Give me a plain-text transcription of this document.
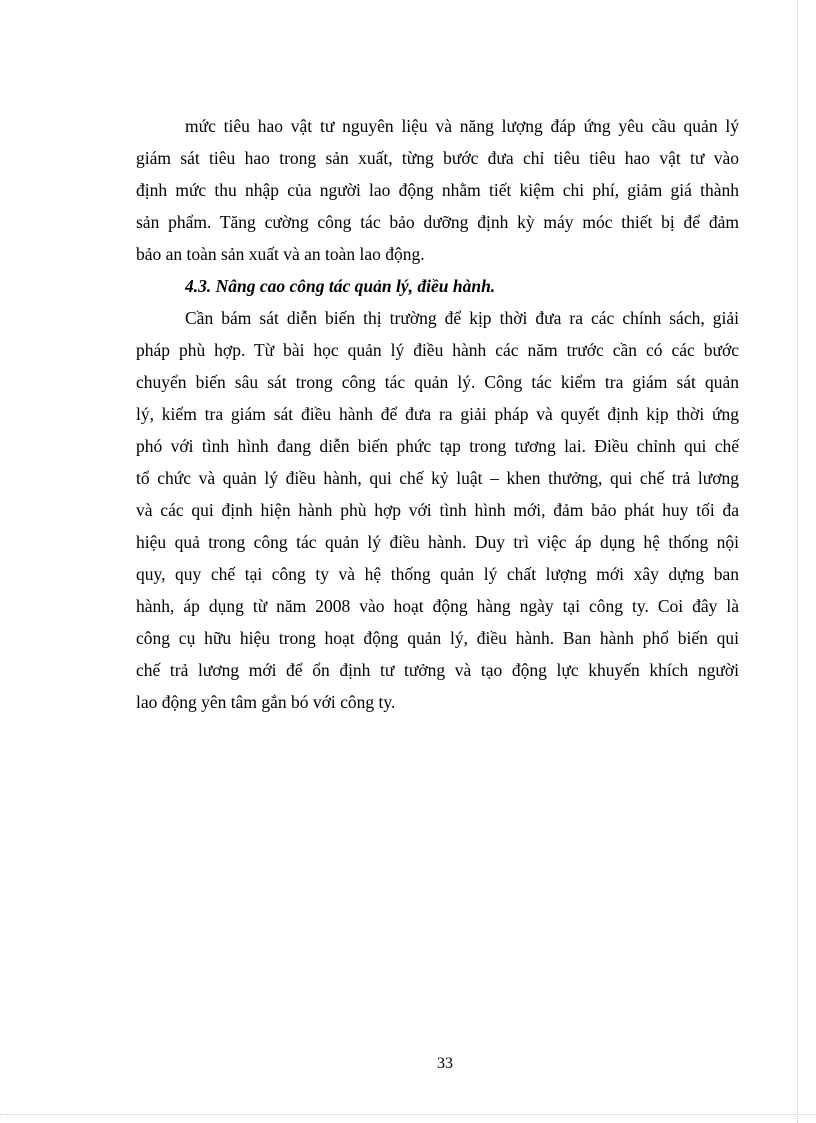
mức tiêu hao vật tư nguyên liệu và năng lượng đáp ứng yêu cầu quản lý
giám sát tiêu hao trong sản xuất, từng bước đưa chỉ tiêu tiêu hao vật tư vào
định mức thu nhập của người lao động nhằm tiết kiệm chi phí, giảm giá thành
sản phẩm. Tăng cường công tác bảo dưỡng định kỳ máy móc thiết bị để đảm
bảo an toàn sản xuất và an toàn lao động.
4.3. Nâng cao công tác quản lý, điều hành.
Cần bám sát diễn biến thị trường để kịp thời đưa ra các chính sách, giải
pháp phù hợp. Từ bài học quản lý điều hành các năm trước cần có các bước
chuyển biến sâu sát trong công tác quản lý. Công tác kiểm tra giám sát quản
lý, kiểm tra giám sát điều hành để đưa ra giải pháp và quyết định kịp thời ứng
phó với tình hình đang diễn biến phức tạp trong tương lai. Điều chỉnh qui chế
tổ chức và quản lý điều hành, qui chế kỷ luật – khen thưởng, qui chế trả lương
và các qui định hiện hành phù hợp với tình hình mới, đảm bảo phát huy tối đa
hiệu quả trong công tác quản lý điều hành. Duy trì việc áp dụng hệ thống nội
quy, quy chế tại công ty và hệ thống quản lý chất lượng mới xây dựng ban
hành, áp dụng từ năm 2008 vào hoạt động hàng ngày tại công ty. Coi đây là
công cụ hữu hiệu trong hoạt động quản lý, điều hành. Ban hành phổ biến qui
chế trả lương mới để ổn định tư tưởng và tạo động lực khuyến khích người
lao động yên tâm gắn bó với công ty.
33
